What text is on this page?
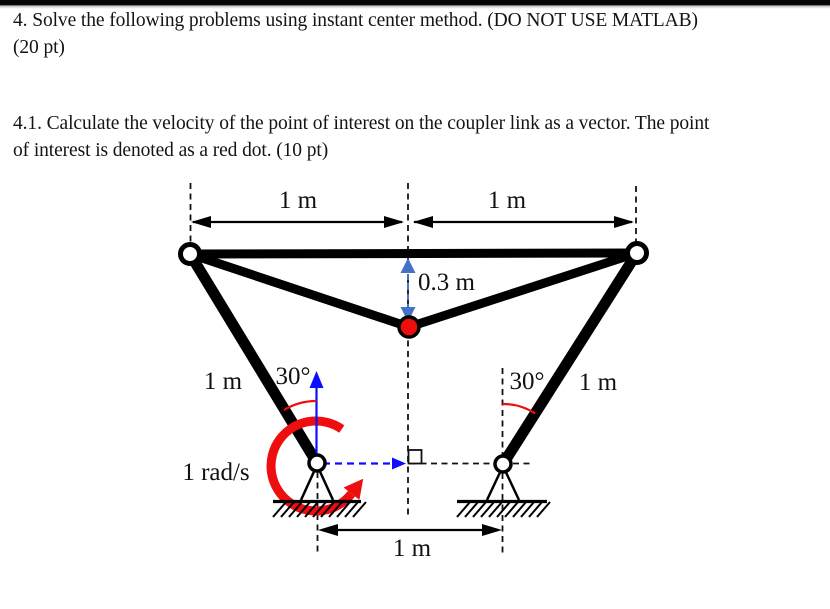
4. Solve the following problems using instant center method. (DO NOT USE MATLAB)
(20 pt)
4.1. Calculate the velocity of the point of interest on the coupler link as a vector. The point
of interest is denoted as a red dot. (10 pt)
1 m	1 m
0.3 m
1 m 30°	30° 1 m
1 rad/s
1 m
